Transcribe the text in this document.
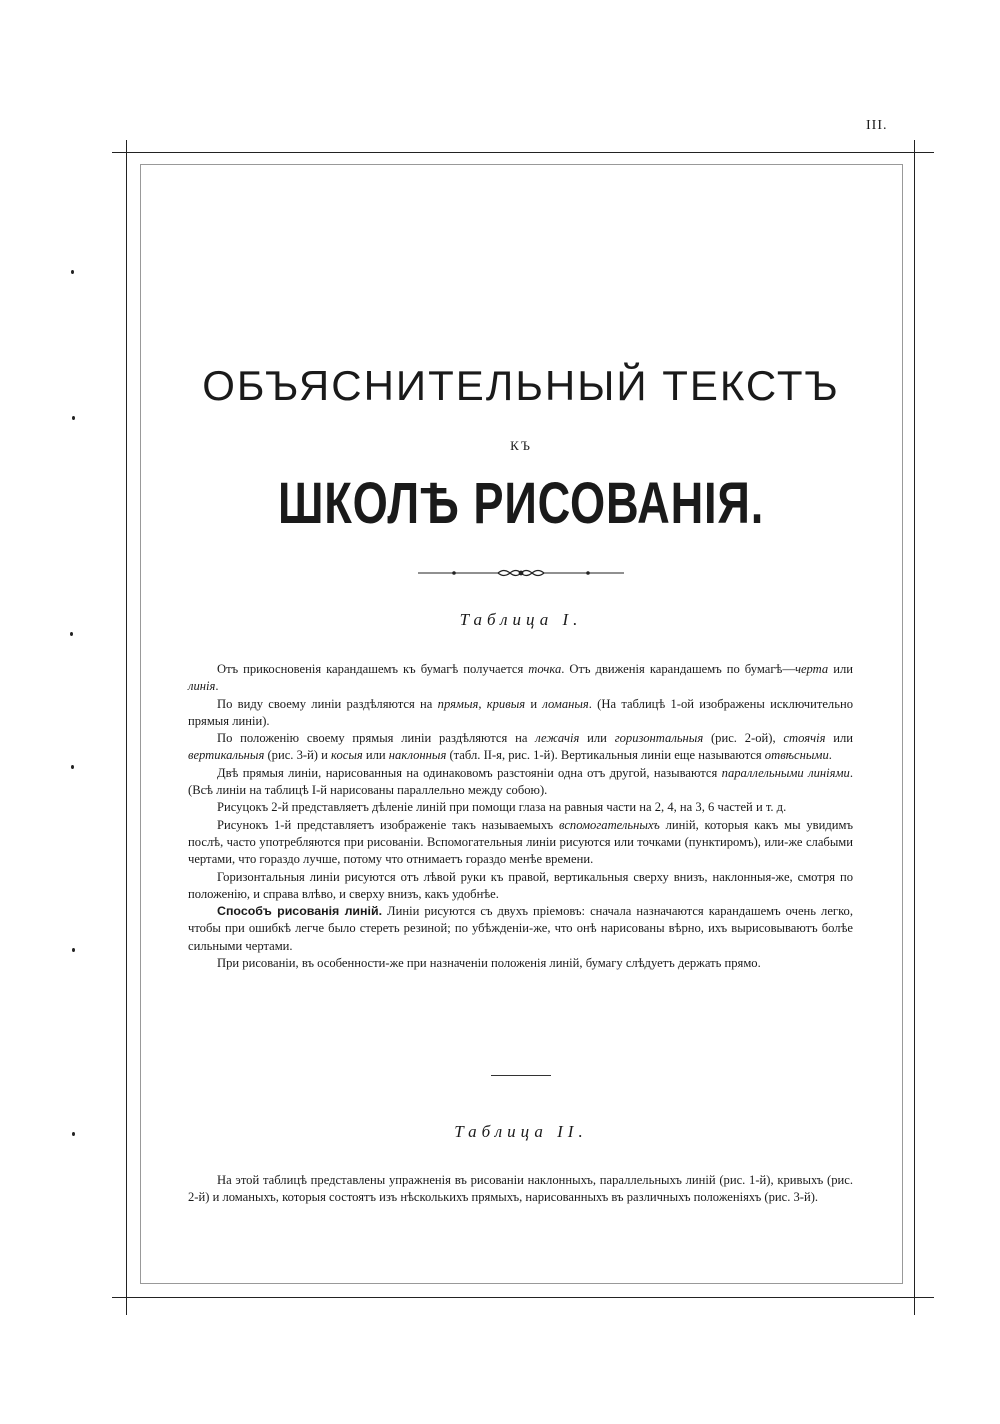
III.
ОБЪЯСНИТЕЛЬНЫЙ ТЕКСТЪ
КЪ
ШКОЛѢ РИСОВАНІЯ.
Таблица I.

Отъ прикосновенія карандашемъ къ бумагѣ получается точка. Отъ движенія карандашемъ по бумагѣ—черта или линія.

По виду своему линіи раздѣляются на прямыя, кривыя и ломаныя. (На таблицѣ 1-ой изображены исключительно прямыя линіи).

По положенію своему прямыя линіи раздѣляются на лежачія или горизонтальныя (рис. 2-ой), стоячія или вертикальныя (рис. 3-й) и косыя или наклонныя (табл. II-я, рис. 1-й). Вертикальныя линіи еще называются отвѣсными.

Двѣ прямыя линіи, нарисованныя на одинаковомъ разстояніи одна отъ другой, называются параллельными линіями. (Всѣ линіи на таблицѣ I-й нарисованы параллельно между собою).

Рисуцокъ 2-й представляетъ дѣленіе линій при помощи глаза на равныя части на 2, 4, на 3, 6 частей и т. д.

Рисунокъ 1-й представляетъ изображеніе такъ называемыхъ вспомогательныхъ линій, которыя какъ мы увидимъ послѣ, часто употребляются при рисованіи. Вспомогательныя линіи рисуются или точками (пунктиромъ), или-же слабыми чертами, что гораздо лучше, потому что отнимаетъ гораздо менѣе времени.

Горизонтальныя линіи рисуются отъ лѣвой руки къ правой, вертикальныя сверху внизъ, наклонныя-же, смотря по положенію, и справа влѣво, и сверху внизъ, какъ удобнѣе.

Способъ рисованія линій. Линіи рисуются съ двухъ пріемовъ: сначала назначаются карандашемъ очень легко, чтобы при ошибкѣ легче было стереть резиной; по убѣжденіи-же, что онѣ нарисованы вѣрно, ихъ вырисовываютъ болѣе сильными чертами.

При рисованіи, въ особенности-же при назначеніи положенія линій, бумагу слѣдуетъ держать прямо.

Таблица II.

На этой таблицѣ представлены упражненія въ рисованіи наклонныхъ, параллельныхъ линій (рис. 1-й), кривыхъ (рис. 2-й) и ломаныхъ, которыя состоятъ изъ нѣсколькихъ прямыхъ, нарисованныхъ въ различныхъ положеніяхъ (рис. 3-й).
